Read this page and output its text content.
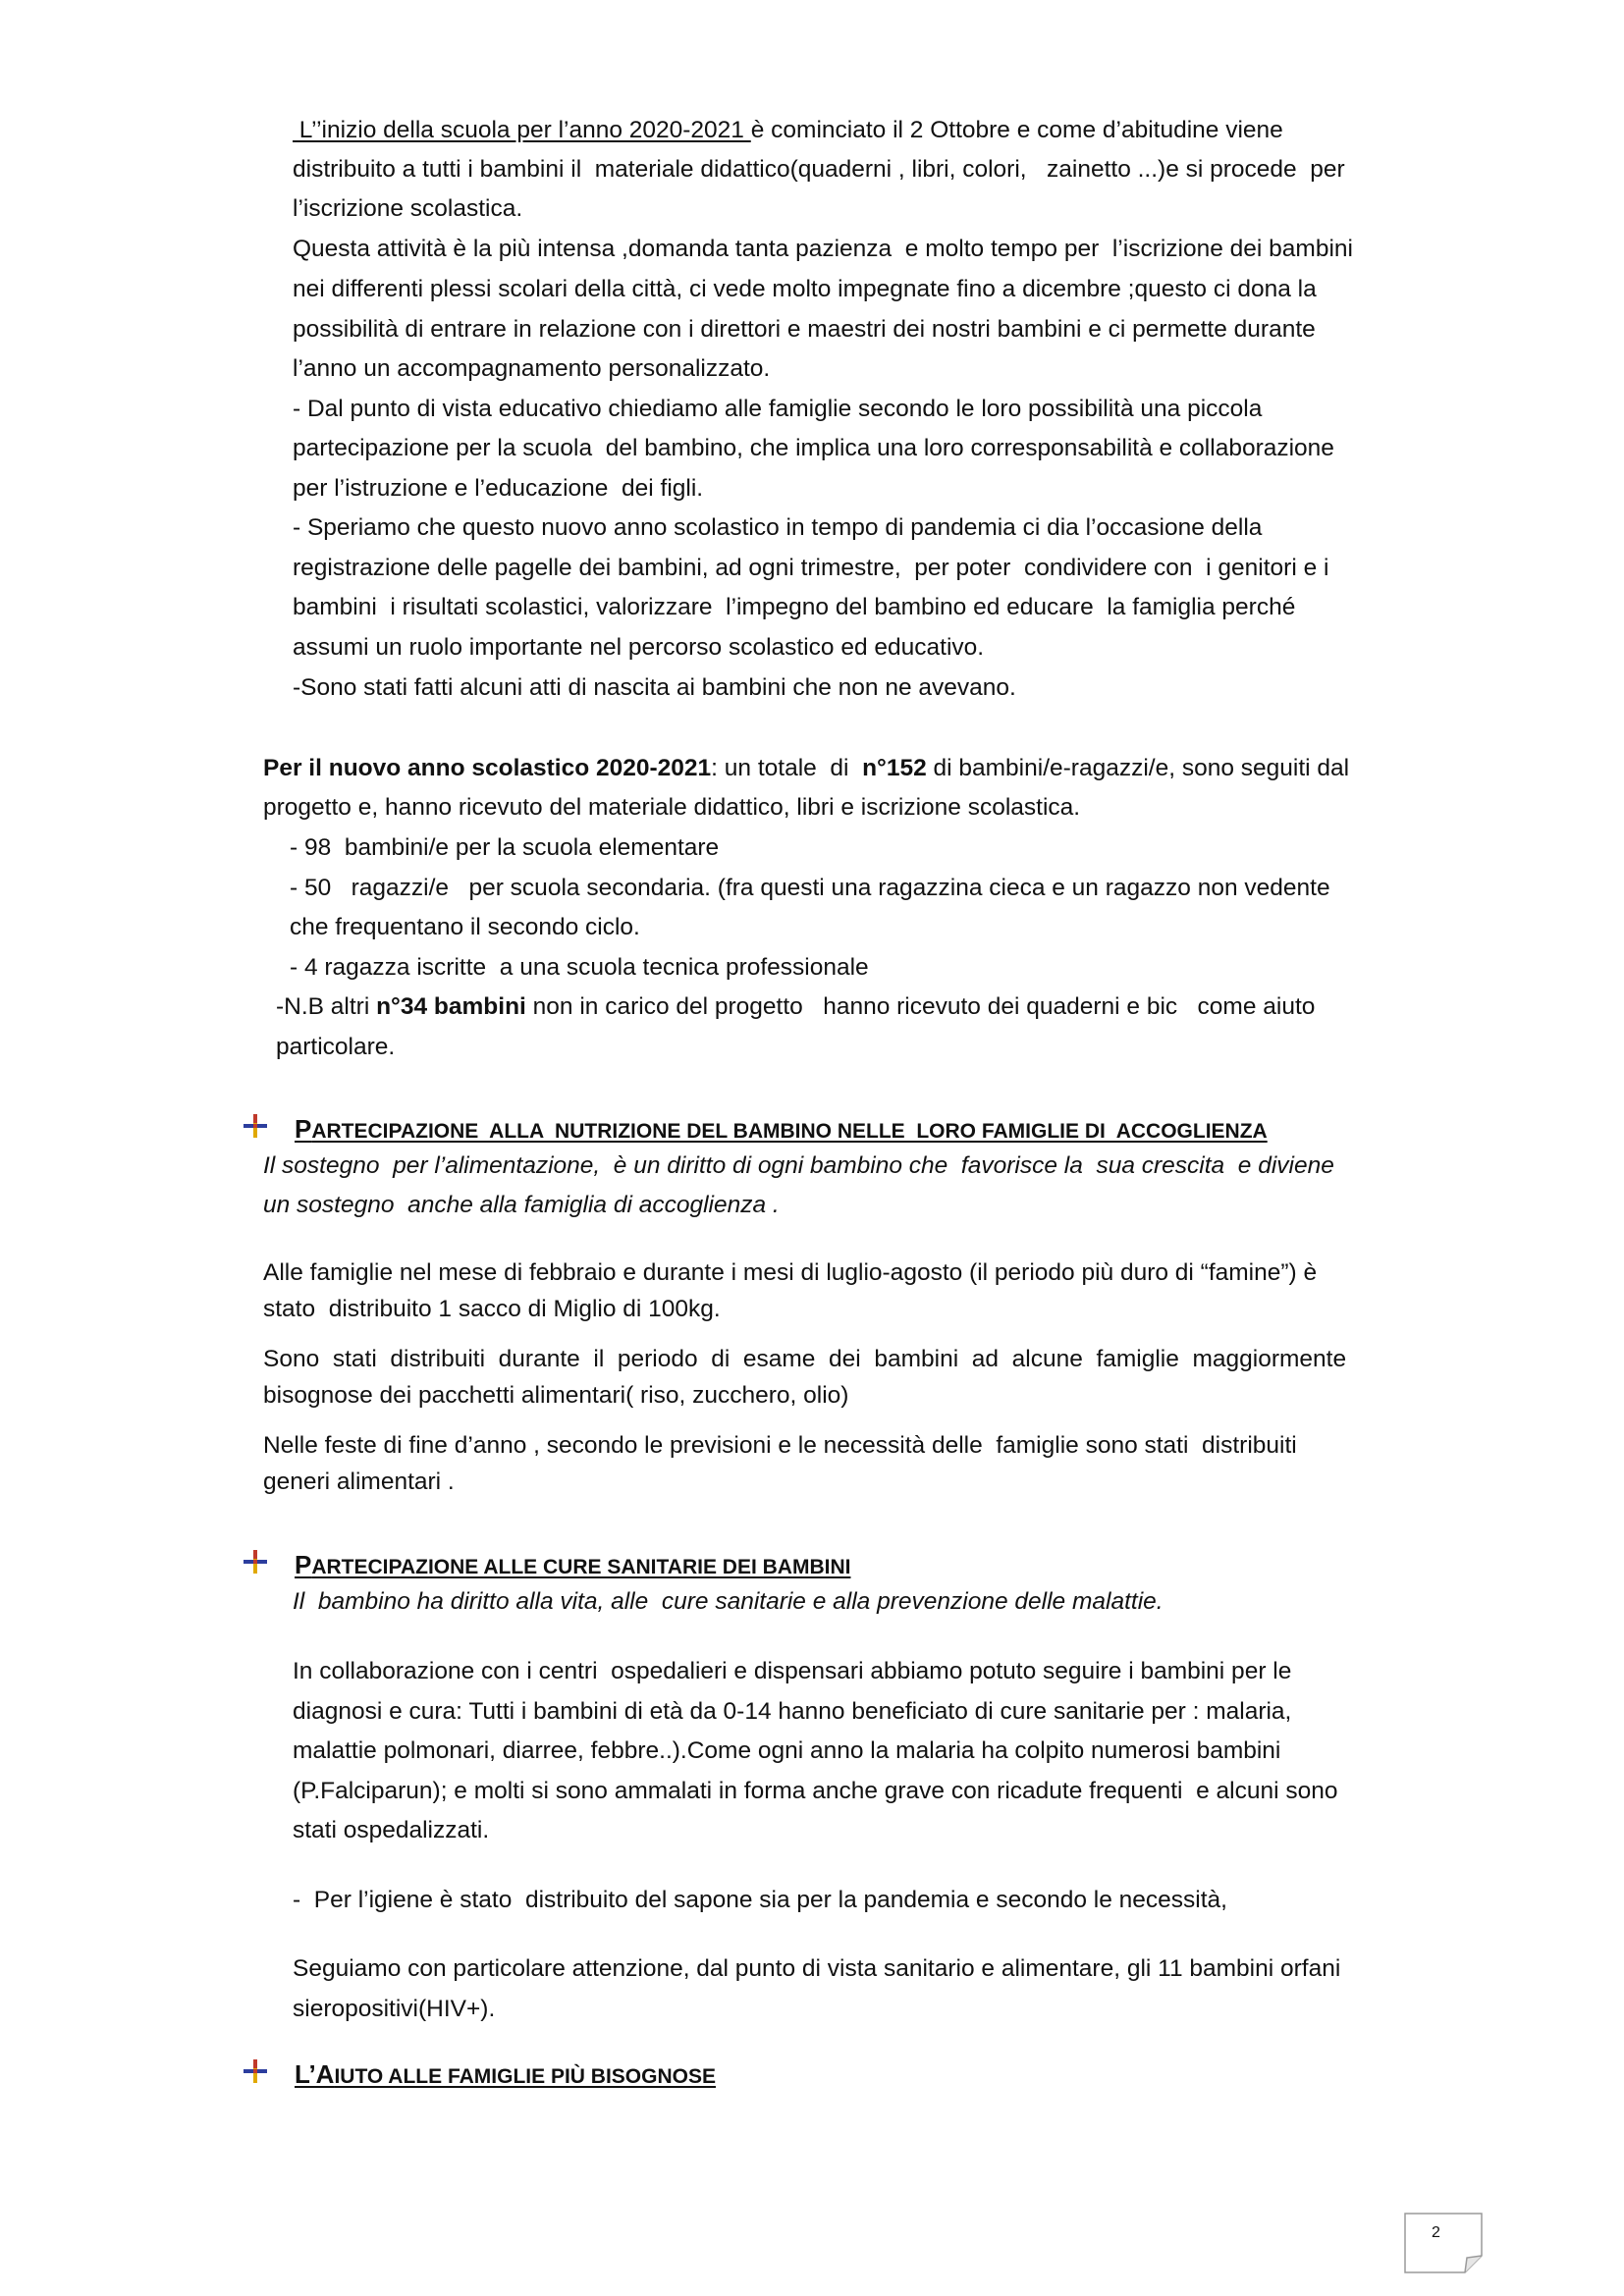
L’’inizio della scuola per l’anno 2020-2021 è cominciato il 2 Ottobre e come d’abitudine viene
distribuito a tutti i bambini il  materiale didattico(quaderni , libri, colori,   zainetto ...)e si procede  per
l’iscrizione scolastica.
Questa attività è la più intensa ,domanda tanta pazienza  e molto tempo per  l’iscrizione dei bambini
nei differenti plessi scolari della città, ci vede molto impegnate fino a dicembre ;questo ci dona la
possibilità di entrare in relazione con i direttori e maestri dei nostri bambini e ci permette durante
l’anno un accompagnamento personalizzato.
- Dal punto di vista educativo chiediamo alle famiglie secondo le loro possibilità una piccola
partecipazione per la scuola  del bambino, che implica una loro corresponsabilità e collaborazione
per l’istruzione e l’educazione  dei figli.
- Speriamo che questo nuovo anno scolastico in tempo di pandemia ci dia l’occasione della
registrazione delle pagelle dei bambini, ad ogni trimestre,  per poter  condividere con  i genitori e i
bambini  i risultati scolastici, valorizzare  l’impegno del bambino ed educare  la famiglia perché
assumi un ruolo importante nel percorso scolastico ed educativo.
-Sono stati fatti alcuni atti di nascita ai bambini che non ne avevano.
Per il nuovo anno scolastico 2020-2021: un totale  di  n°152 di bambini/e-ragazzi/e, sono seguiti dal
progetto e, hanno ricevuto del materiale didattico, libri e iscrizione scolastica.
- 98  bambini/e per la scuola elementare
- 50   ragazzi/e   per scuola secondaria. (fra questi una ragazzina cieca e un ragazzo non vedente
che frequentano il secondo ciclo.
- 4 ragazza iscritte  a una scuola tecnica professionale
-N.B altri n°34 bambini non in carico del progetto   hanno ricevuto dei quaderni e bic   come aiuto
particolare.
PARTECIPAZIONE  ALLA  NUTRIZIONE DEL BAMBINO NELLE  LORO FAMIGLIE DI  ACCOGLIENZA
Il sostegno  per l’alimentazione,  è un diritto di ogni bambino che  favorisce la  sua crescita  e diviene
un sostegno  anche alla famiglia di accoglienza .
Alle famiglie nel mese di febbraio e durante i mesi di luglio-agosto (il periodo più duro di “famine”) è
stato  distribuito 1 sacco di Miglio di 100kg.
Sono  stati  distribuiti  durante  il  periodo  di  esame  dei  bambini  ad  alcune  famiglie  maggiormente
bisognose dei pacchetti alimentari( riso, zucchero, olio)
Nelle feste di fine d’anno , secondo le previsioni e le necessità delle  famiglie sono stati  distribuiti
generi alimentari .
PARTECIPAZIONE ALLE CURE SANITARIE DEI BAMBINI
Il  bambino ha diritto alla vita, alle  cure sanitarie e alla prevenzione delle malattie.
In collaborazione con i centri  ospedalieri e dispensari abbiamo potuto seguire i bambini per le
diagnosi e cura: Tutti i bambini di età da 0-14 hanno beneficiato di cure sanitarie per : malaria,
malattie polmonari, diarree, febbre..).Come ogni anno la malaria ha colpito numerosi bambini
(P.Falciparun); e molti si sono ammalati in forma anche grave con ricadute frequenti  e alcuni sono
stati ospedalizzati.
-  Per l’igiene è stato  distribuito del sapone sia per la pandemia e secondo le necessità,
Seguiamo con particolare attenzione, dal punto di vista sanitario e alimentare, gli 11 bambini orfani
sieropositivi(HIV+).
L’AIUTO ALLE FAMIGLIE PIÙ BISOGNOSE
2
